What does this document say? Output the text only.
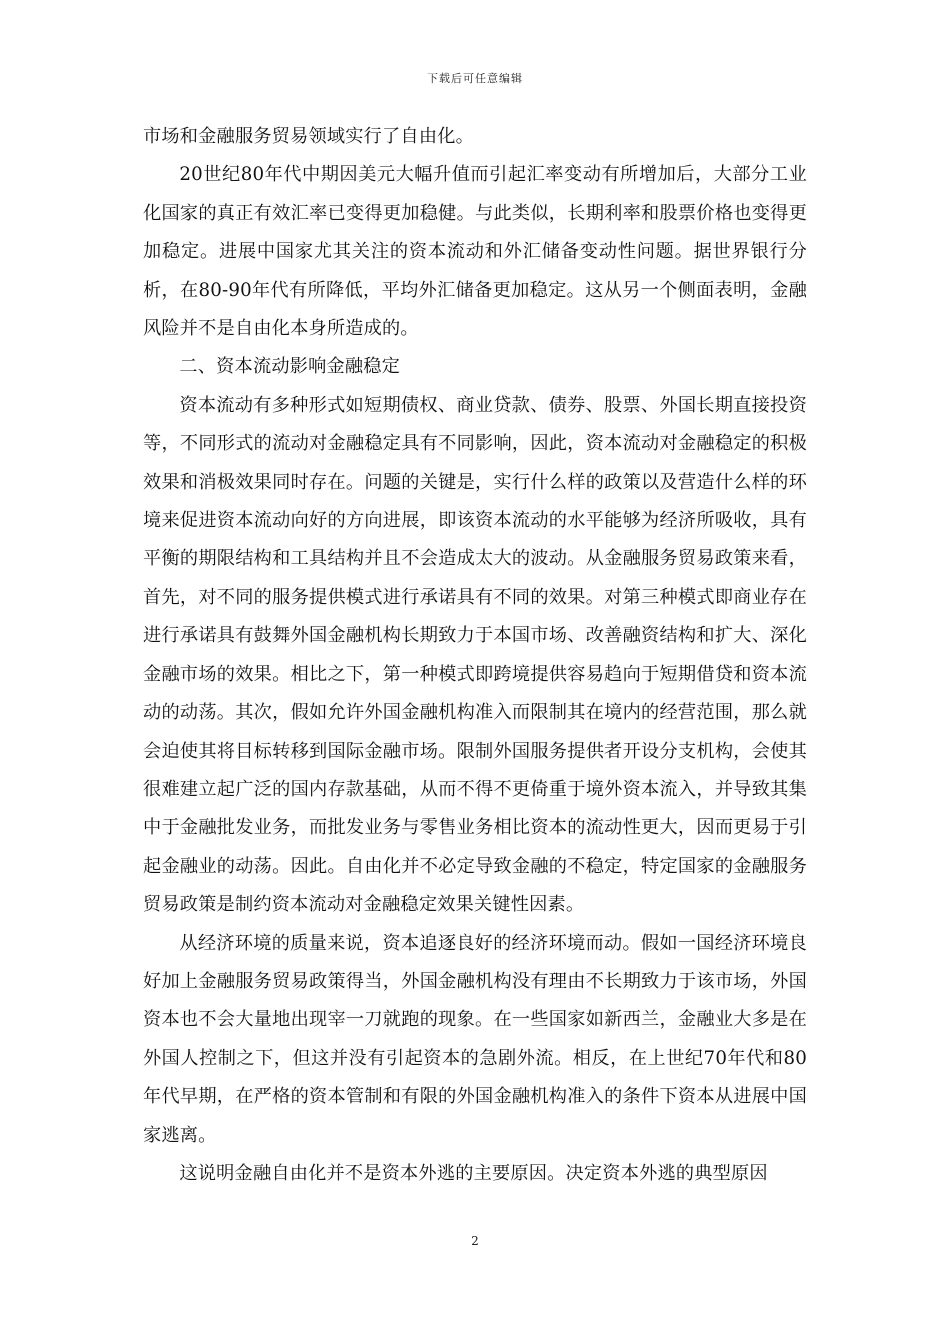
下载后可任意编辑

市场和金融服务贸易领域实行了自由化。

20世纪80年代中期因美元大幅升值而引起汇率变动有所增加后，大部分工业化国家的真正有效汇率已变得更加稳健。与此类似，长期利率和股票价格也变得更加稳定。进展中国家尤其关注的资本流动和外汇储备变动性问题。据世界银行分析，在80-90年代有所降低，平均外汇储备更加稳定。这从另一个侧面表明，金融风险并不是自由化本身所造成的。

二、资本流动影响金融稳定

资本流动有多种形式如短期债权、商业贷款、债券、股票、外国长期直接投资等，不同形式的流动对金融稳定具有不同影响，因此，资本流动对金融稳定的积极效果和消极效果同时存在。问题的关键是，实行什么样的政策以及营造什么样的环境来促进资本流动向好的方向进展，即该资本流动的水平能够为经济所吸收，具有平衡的期限结构和工具结构并且不会造成太大的波动。从金融服务贸易政策来看，首先，对不同的服务提供模式进行承诺具有不同的效果。对第三种模式即商业存在进行承诺具有鼓舞外国金融机构长期致力于本国市场、改善融资结构和扩大、深化金融市场的效果。相比之下，第一种模式即跨境提供容易趋向于短期借贷和资本流动的动荡。其次，假如允许外国金融机构准入而限制其在境内的经营范围，那么就会迫使其将目标转移到国际金融市场。限制外国服务提供者开设分支机构，会使其很难建立起广泛的国内存款基础，从而不得不更倚重于境外资本流入，并导致其集中于金融批发业务，而批发业务与零售业务相比资本的流动性更大，因而更易于引起金融业的动荡。因此。自由化并不必定导致金融的不稳定，特定国家的金融服务贸易政策是制约资本流动对金融稳定效果关键性因素。

从经济环境的质量来说，资本追逐良好的经济环境而动。假如一国经济环境良好加上金融服务贸易政策得当，外国金融机构没有理由不长期致力于该市场，外国资本也不会大量地出现宰一刀就跑的现象。在一些国家如新西兰，金融业大多是在外国人控制之下，但这并没有引起资本的急剧外流。相反，在上世纪70年代和80年代早期，在严格的资本管制和有限的外国金融机构准入的条件下资本从进展中国家逃离。

这说明金融自由化并不是资本外逃的主要原因。决定资本外逃的典型原因

2
